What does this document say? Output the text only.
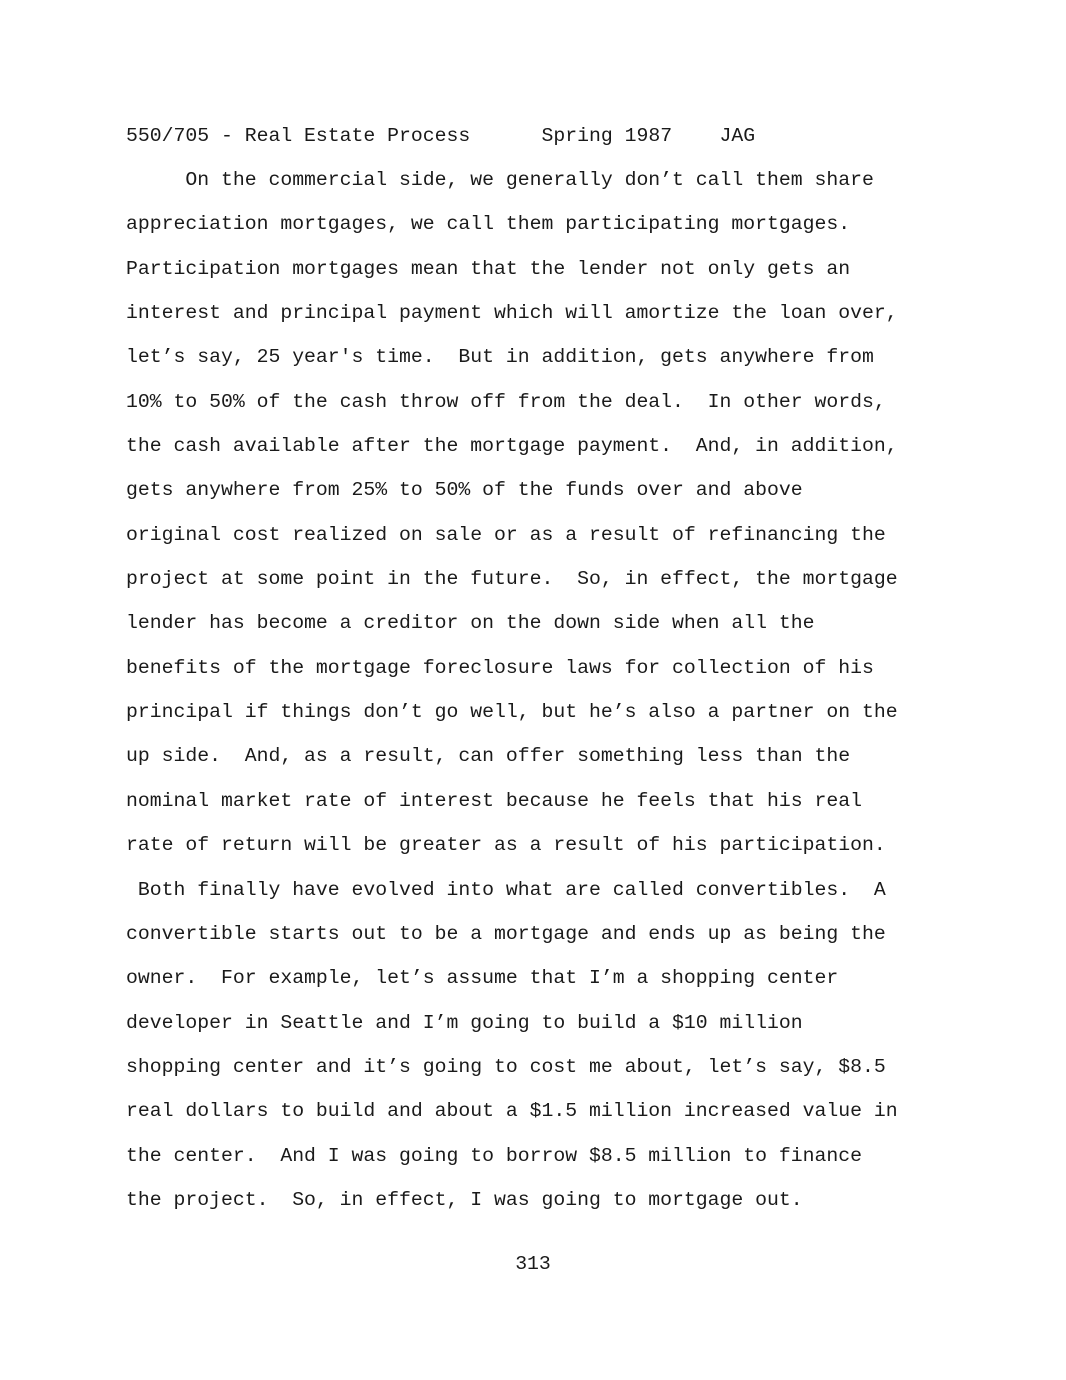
550/705 - Real Estate Process	Spring 1987 JAG
On the commercial side, we generally don’t call them share
appreciation mortgages, we call them participating mortgages.
Participation mortgages mean that the lender not only gets an
interest and principal payment which will amortize the loan over,
let’s say, 25 year's time.  But in addition, gets anywhere from
10% to 50% of the cash throw off from the deal.  In other words,
the cash available after the mortgage payment.  And, in addition,
gets anywhere from 25% to 50% of the funds over and above
original cost realized on sale or as a result of refinancing the
project at some point in the future.  So, in effect, the mortgage
lender has become a creditor on the down side when all the
benefits of the mortgage foreclosure laws for collection of his
principal if things don’t go well, but he’s also a partner on the
up side.  And, as a result, can offer something less than the
nominal market rate of interest because he feels that his real
rate of return will be greater as a result of his participation.
Both finally have evolved into what are called convertibles.  A
convertible starts out to be a mortgage and ends up as being the
owner.  For example, let’s assume that I’m a shopping center
developer in Seattle and I’m going to build a $10 million
shopping center and it’s going to cost me about, let’s say, $8.5
real dollars to build and about a $1.5 million increased value in
the center.  And I was going to borrow $8.5 million to finance
the project.  So, in effect, I was going to mortgage out.
313
